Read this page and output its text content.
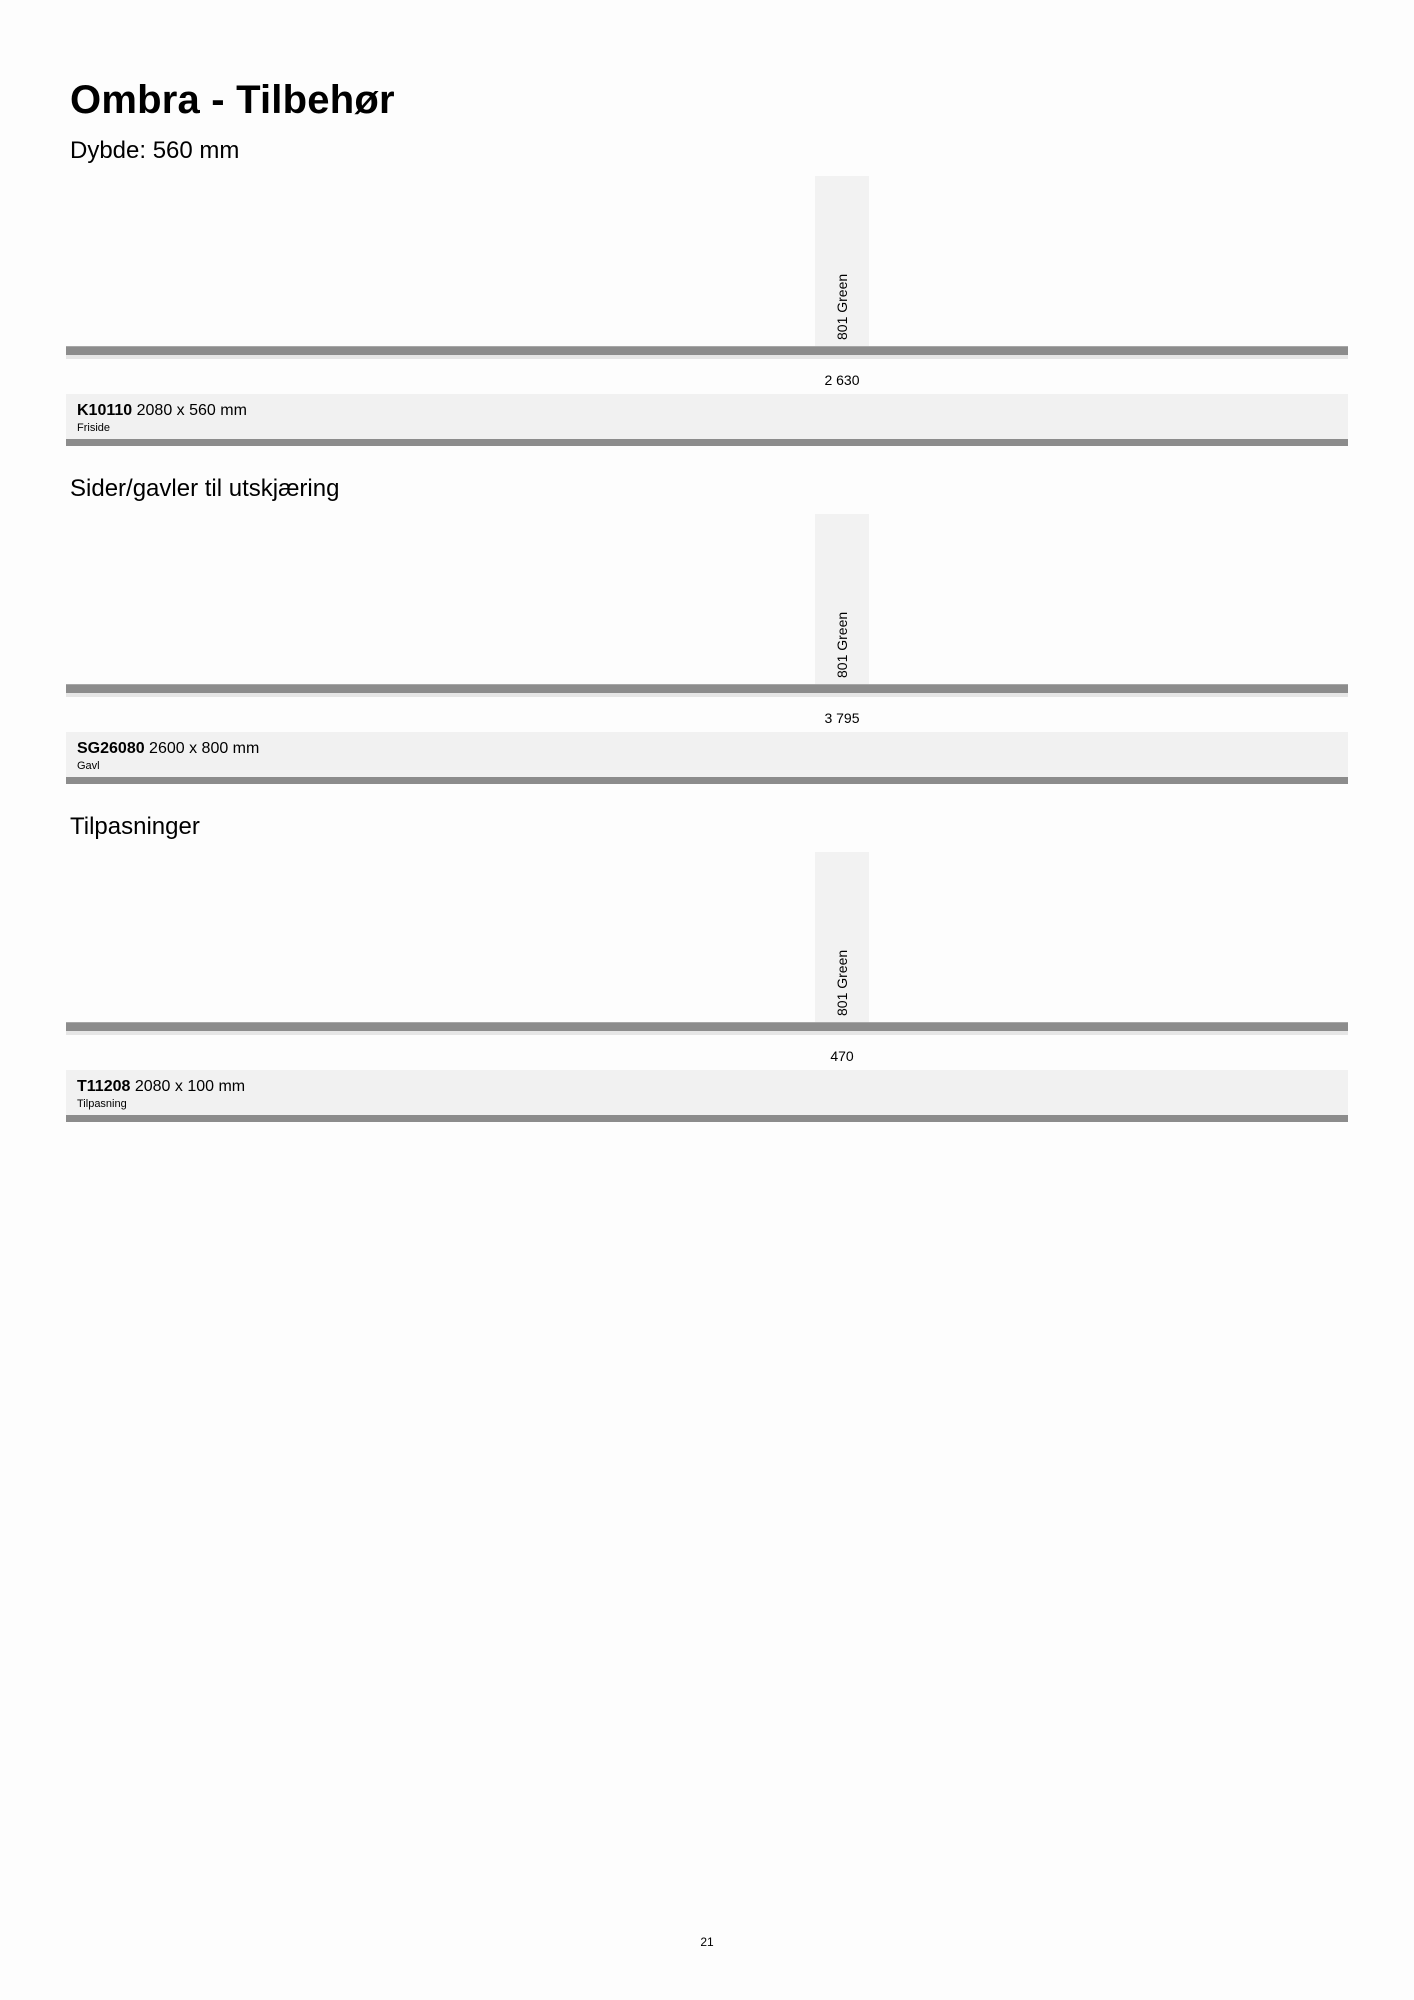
Ombra - Tilbehør
Dybde: 560 mm
801 Green
2 630
K10110 2080 x 560 mm
Friside
Sider/gavler til utskjæring
801 Green
3 795
SG26080 2600 x 800 mm
Gavl
Tilpasninger
801 Green
470
T11208 2080 x 100 mm
Tilpasning
21
